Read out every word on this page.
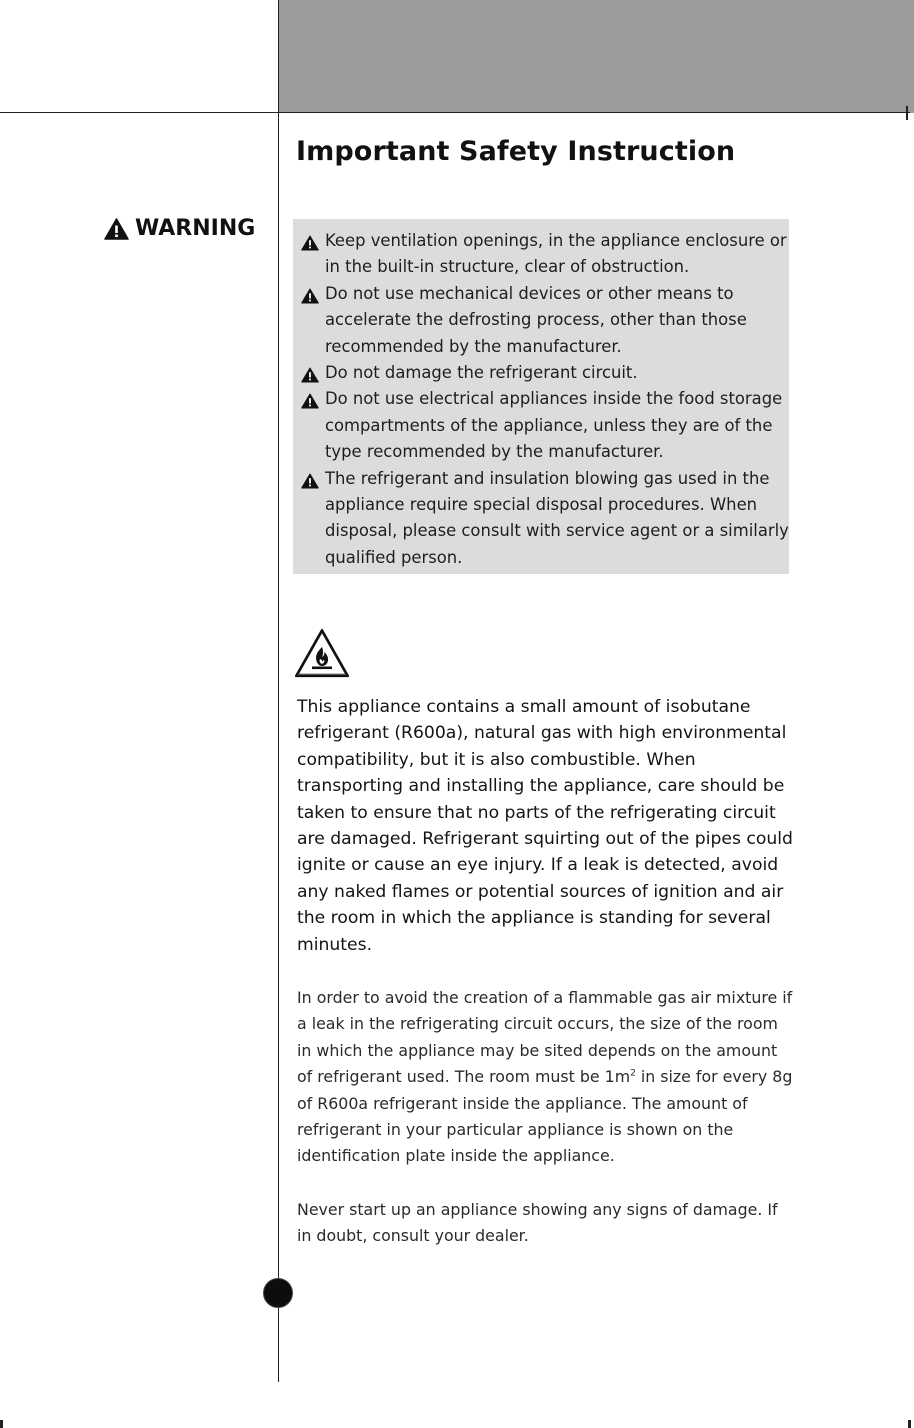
Important Safety Instruction
WARNING	Keep ventilation openings, in the appliance enclosure or in the built-in structure, clear of obstruction.
Do not use mechanical devices or other means to accelerate the defrosting process, other than those recommended by the manufacturer.
Do not damage the refrigerant circuit.
Do not use electrical appliances inside the food storage compartments of the appliance, unless they are of the type recommended by the manufacturer.
The refrigerant and insulation blowing gas used in the appliance require special disposal procedures. When disposal, please consult with service agent or a similarly qualified person.

This appliance contains a small amount of isobutane refrigerant (R600a), natural gas with high environmental compatibility, but it is also combustible. When transporting and installing the appliance, care should be taken to ensure that no parts of the refrigerating circuit are damaged. Refrigerant squirting out of the pipes could ignite or cause an eye injury. If a leak is detected, avoid any naked flames or potential sources of ignition and air the room in which the appliance is standing for several minutes.

In order to avoid the creation of a flammable gas air mixture if a leak in the refrigerating circuit occurs, the size of the room in which the appliance may be sited depends on the amount of refrigerant used. The room must be $1m^2$ in size for every 8g of R600a refrigerant inside the appliance. The amount of refrigerant in your particular appliance is shown on the identification plate inside the appliance.

Never start up an appliance showing any signs of damage. If in doubt, consult your dealer.
